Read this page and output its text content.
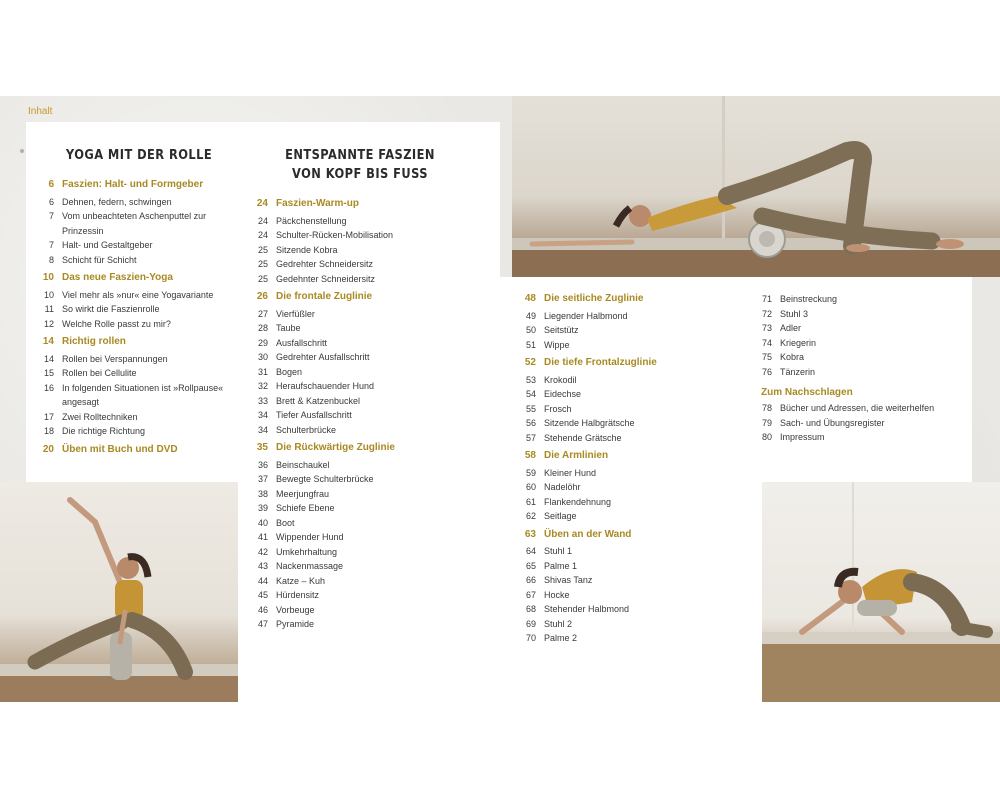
Inhalt
YOGA MIT DER ROLLE
6 Faszien: Halt- und Formgeber
6 Dehnen, federn, schwingen
7 Vom unbeachteten Aschenputtel zur Prinzessin
7 Halt- und Gestaltgeber
8 Schicht für Schicht
10 Das neue Faszien-Yoga
10 Viel mehr als »nur« eine Yogavariante
11 So wirkt die Faszienrolle
12 Welche Rolle passt zu mir?
14 Richtig rollen
14 Rollen bei Verspannungen
15 Rollen bei Cellulite
16 In folgenden Situationen ist »Rollpause« angesagt
17 Zwei Rolltechniken
18 Die richtige Richtung
20 Üben mit Buch und DVD
ENTSPANNTE FASZIEN
VON KOPF BIS FUSS
24 Faszien-Warm-up
24 Päckchenstellung
24 Schulter-Rücken-Mobilisation
25 Sitzende Kobra
25 Gedrehter Schneidersitz
25 Gedehnter Schneidersitz
26 Die frontale Zuglinie
27 Vierfüßler
28 Taube
29 Ausfallschritt
30 Gedrehter Ausfallschritt
31 Bogen
32 Heraufschauender Hund
33 Brett & Katzenbuckel
34 Tiefer Ausfallschritt
34 Schulterbrücke
35 Die Rückwärtige Zuglinie
36 Beinschaukel
37 Bewegte Schulterbrücke
38 Meerjungfrau
39 Schiefe Ebene
40 Boot
41 Wippender Hund
42 Umkehrhaltung
43 Nackenmassage
44 Katze – Kuh
45 Hürdensitz
46 Vorbeuge
47 Pyramide
48 Die seitliche Zuglinie
49 Liegender Halbmond
50 Seitstütz
51 Wippe
52 Die tiefe Frontalzuglinie
53 Krokodil
54 Eidechse
55 Frosch
56 Sitzende Halbgrätsche
57 Stehende Grätsche
58 Die Armlinien
59 Kleiner Hund
60 Nadelöhr
61 Flankendehnung
62 Seitlage
63 Üben an der Wand
64 Stuhl 1
65 Palme 1
66 Shivas Tanz
67 Hocke
68 Stehender Halbmond
69 Stuhl 2
70 Palme 2
71 Beinstreckung
72 Stuhl 3
73 Adler
74 Kriegerin
75 Kobra
76 Tänzerin
Zum Nachschlagen
78 Bücher und Adressen, die weiterhelfen
79 Sach- und Übungsregister
80 Impressum
